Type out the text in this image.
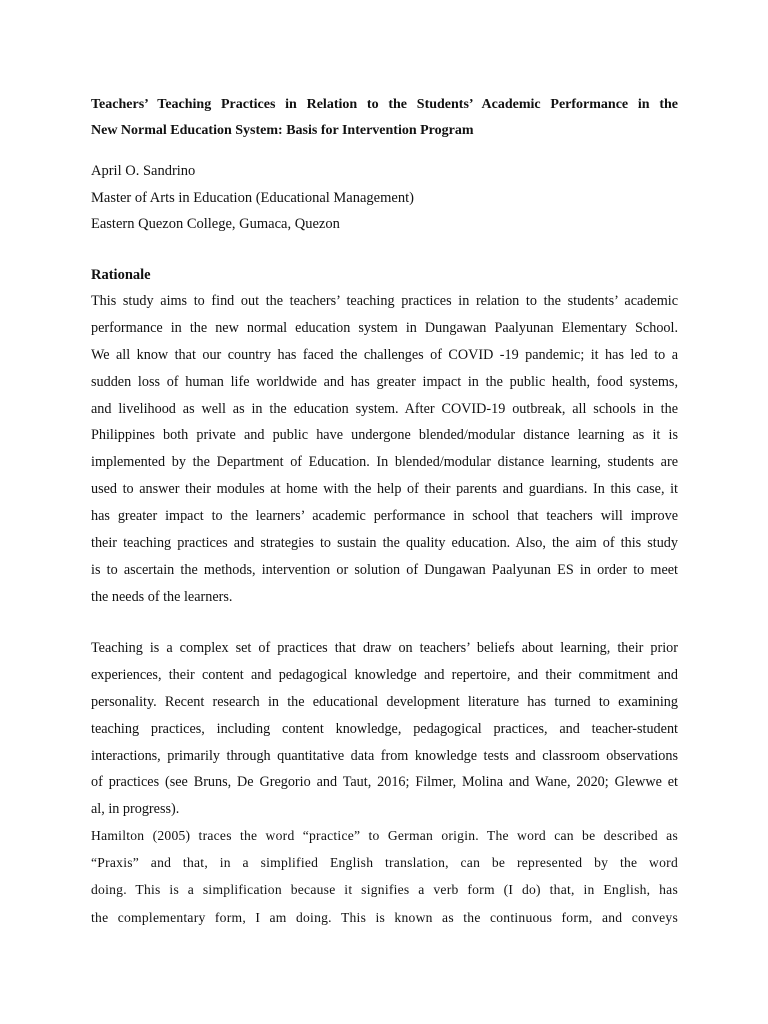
Teachers’ Teaching Practices in Relation to the Students’ Academic Performance in the
New Normal Education System: Basis for Intervention Program
April O. Sandrino
Master of Arts in Education (Educational Management)
Eastern Quezon College, Gumaca, Quezon
Rationale
This study aims to find out the teachers’ teaching practices in relation to the students’ academic
performance in the new normal education system in Dungawan Paalyunan Elementary School.
We all know that our country has faced the challenges of COVID -19 pandemic; it has led to a
sudden loss of human life worldwide and has greater impact in the public health, food systems,
and livelihood as well as in the education system. After COVID-19 outbreak, all schools in the
Philippines both private and public have undergone blended/modular distance learning as it is
implemented by the Department of Education. In blended/modular distance learning, students are
used to answer their modules at home with the help of their parents and guardians. In this case, it
has greater impact to the learners’ academic performance in school that teachers will improve
their teaching practices and strategies to sustain the quality education. Also, the aim of this study
is to ascertain the methods, intervention or solution of Dungawan Paalyunan ES in order to meet
the needs of the learners.
Teaching is a complex set of practices that draw on teachers’ beliefs about learning, their prior
experiences, their content and pedagogical knowledge and repertoire, and their commitment and
personality. Recent research in the educational development literature has turned to examining
teaching practices, including content knowledge, pedagogical practices, and teacher-student
interactions, primarily through quantitative data from knowledge tests and classroom observations
of practices (see Bruns, De Gregorio and Taut, 2016; Filmer, Molina and Wane, 2020; Glewwe et
al, in progress).
Hamilton (2005) traces the word “practice” to German origin. The word can be described as
“Praxis” and that, in a simplified English translation, can be represented by the word
doing. This is a simplification because it signifies a verb form (I do) that, in English, has
the complementary form, I am doing. This is known as the continuous form, and conveys
